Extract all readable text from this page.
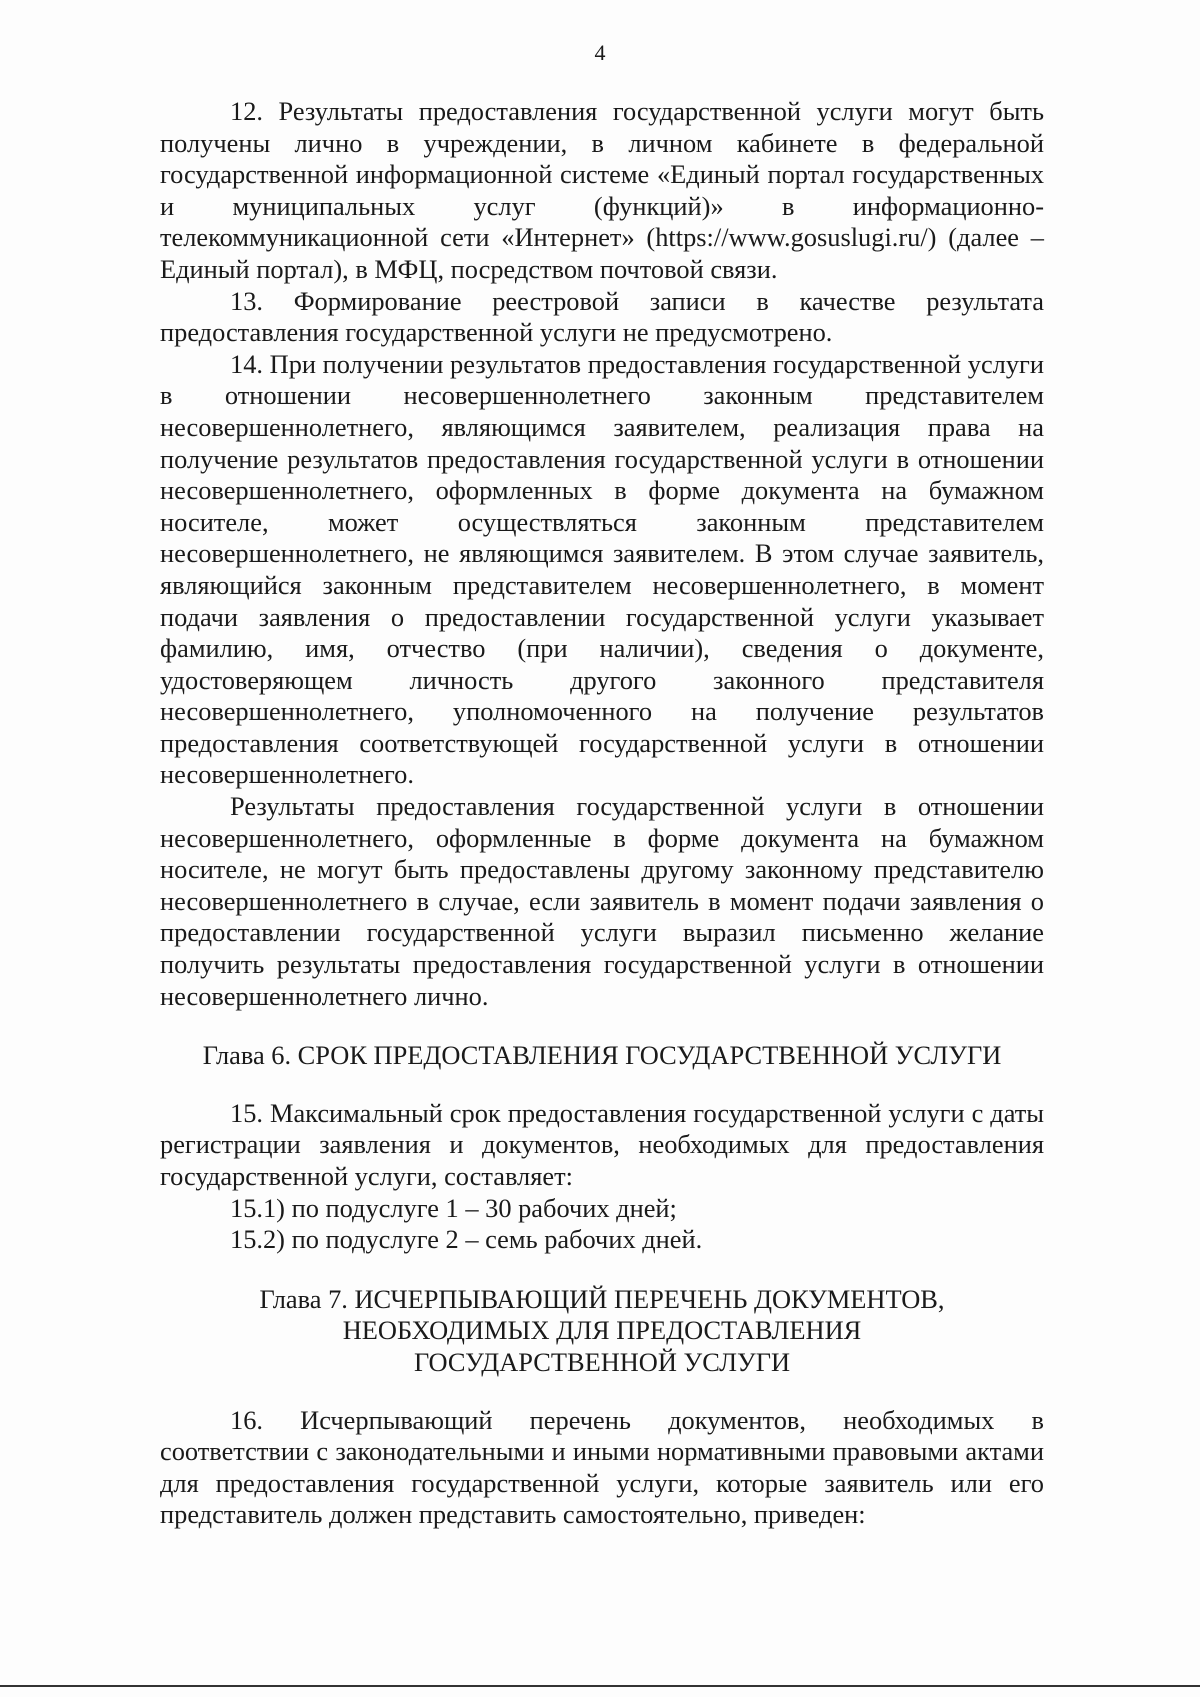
4

12. Результаты предоставления государственной услуги могут быть получены лично в учреждении, в личном кабинете в федеральной государственной информационной системе «Единый портал государственных и муниципальных услуг (функций)» в информационно-телекоммуникационной сети «Интернет» (https://www.gosuslugi.ru/) (далее – Единый портал), в МФЦ, посредством почтовой связи.

13. Формирование реестровой записи в качестве результата предоставления государственной услуги не предусмотрено.

14. При получении результатов предоставления государственной услуги в отношении несовершеннолетнего законным представителем несовершеннолетнего, являющимся заявителем, реализация права на получение результатов предоставления государственной услуги в отношении несовершеннолетнего, оформленных в форме документа на бумажном носителе, может осуществляться законным представителем несовершеннолетнего, не являющимся заявителем. В этом случае заявитель, являющийся законным представителем несовершеннолетнего, в момент подачи заявления о предоставлении государственной услуги указывает фамилию, имя, отчество (при наличии), сведения о документе, удостоверяющем личность другого законного представителя несовершеннолетнего, уполномоченного на получение результатов предоставления соответствующей государственной услуги в отношении несовершеннолетнего.

Результаты предоставления государственной услуги в отношении несовершеннолетнего, оформленные в форме документа на бумажном носителе, не могут быть предоставлены другому законному представителю несовершеннолетнего в случае, если заявитель в момент подачи заявления о предоставлении государственной услуги выразил письменно желание получить результаты предоставления государственной услуги в отношении несовершеннолетнего лично.

Глава 6. СРОК ПРЕДОСТАВЛЕНИЯ ГОСУДАРСТВЕННОЙ УСЛУГИ

15. Максимальный срок предоставления государственной услуги с даты регистрации заявления и документов, необходимых для предоставления государственной услуги, составляет:

15.1) по подуслуге 1 – 30 рабочих дней;

15.2) по подуслуге 2 – семь рабочих дней.

Глава 7. ИСЧЕРПЫВАЮЩИЙ ПЕРЕЧЕНЬ ДОКУМЕНТОВ,
НЕОБХОДИМЫХ ДЛЯ ПРЕДОСТАВЛЕНИЯ
ГОСУДАРСТВЕННОЙ УСЛУГИ

16. Исчерпывающий перечень документов, необходимых в соответствии с законодательными и иными нормативными правовыми актами для предоставления государственной услуги, которые заявитель или его представитель должен представить самостоятельно, приведен:
